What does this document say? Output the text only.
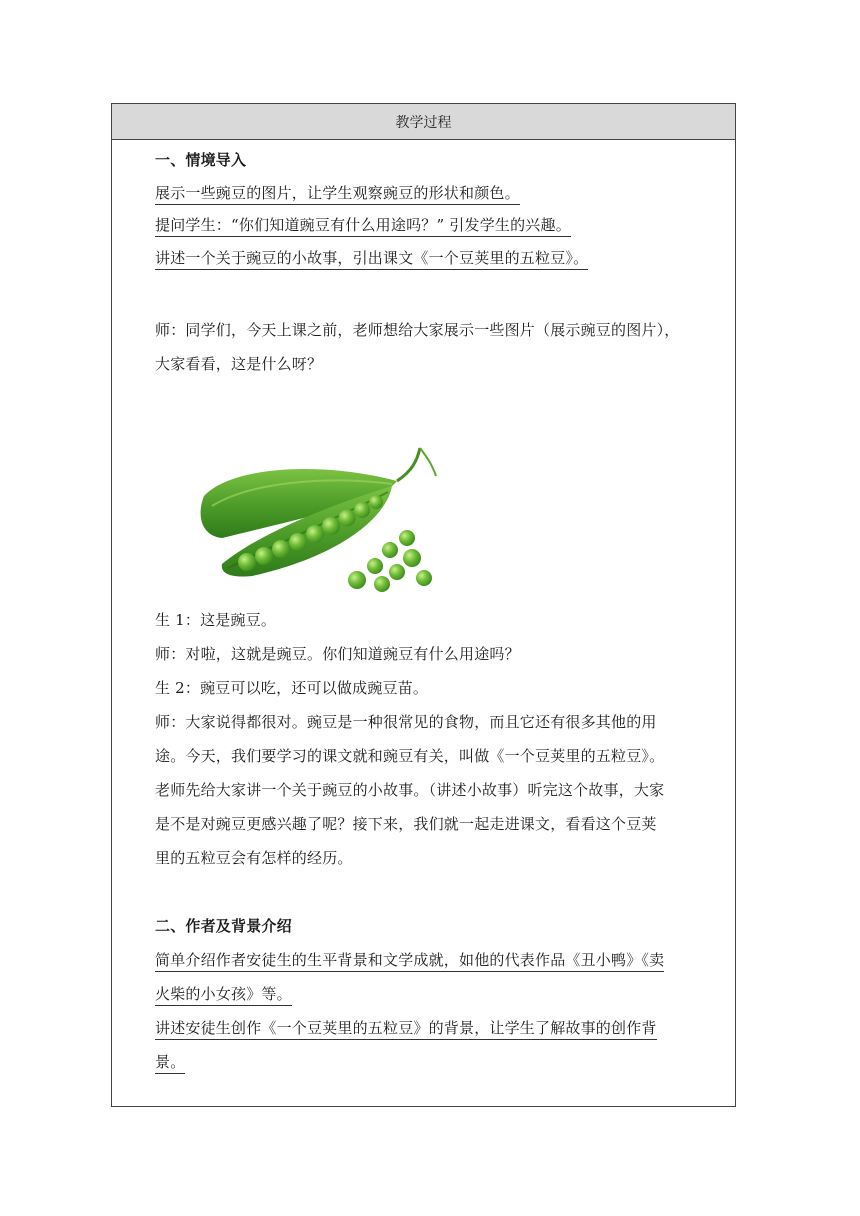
教学过程
一、情境导入
展示一些豌豆的图片，让学生观察豌豆的形状和颜色。
提问学生：“你们知道豌豆有什么用途吗？” 引发学生的兴趣。
讲述一个关于豌豆的小故事，引出课文《一个豆荚里的五粒豆》。
师：同学们，今天上课之前，老师想给大家展示一些图片（展示豌豆的图片），
大家看看，这是什么呀？
生 1：这是豌豆。
师：对啦，这就是豌豆。你们知道豌豆有什么用途吗？
生 2：豌豆可以吃，还可以做成豌豆苗。
师：大家说得都很对。豌豆是一种很常见的食物，而且它还有很多其他的用
途。今天，我们要学习的课文就和豌豆有关，叫做《一个豆荚里的五粒豆》。
老师先给大家讲一个关于豌豆的小故事。（讲述小故事）听完这个故事，大家
是不是对豌豆更感兴趣了呢？接下来，我们就一起走进课文，看看这个豆荚
里的五粒豆会有怎样的经历。
二、作者及背景介绍
简单介绍作者安徒生的生平背景和文学成就，如他的代表作品《丑小鸭》《卖
火柴的小女孩》等。
讲述安徒生创作《一个豆荚里的五粒豆》的背景，让学生了解故事的创作背
景。
